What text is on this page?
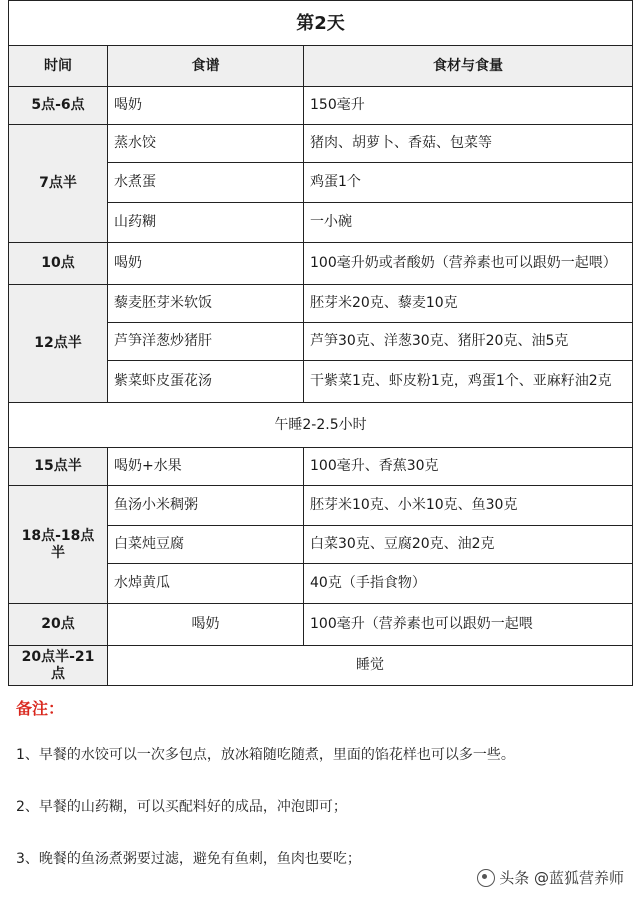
第2天		
时间	食谱	食材与食量
5点-6点	喝奶	150毫升
7点半	蒸水饺	猪肉、胡萝卜、香菇、包菜等
	水煮蛋	鸡蛋1个
	山药糊	一小碗
10点	喝奶	100毫升奶或者酸奶（营养素也可以跟奶一起喂）
12点半	藜麦胚芽米软饭	胚芽米20克、藜麦10克
	芦笋洋葱炒猪肝	芦笋30克、洋葱30克、猪肝20克、油5克
	紫菜虾皮蛋花汤	干紫菜1克、虾皮粉1克，鸡蛋1个、亚麻籽油2克
午睡2-2.5小时		
15点半	喝奶+水果	100毫升、香蕉30克
18点-18点半	鱼汤小米稠粥	胚芽米10克、小米10克、鱼30克
	白菜炖豆腐	白菜30克、豆腐20克、油2克
	水焯黄瓜	40克（手指食物）
20点	喝奶	100毫升（营养素也可以跟奶一起喂
20点半-21点	睡觉	
备注：

1、早餐的水饺可以一次多包点，放冰箱随吃随煮，里面的馅花样也可以多一些。

2、早餐的山药糊，可以买配料好的成品，冲泡即可；

3、晚餐的鱼汤煮粥要过滤，避免有鱼刺，鱼肉也要吃；

头条 @蓝狐营养师
